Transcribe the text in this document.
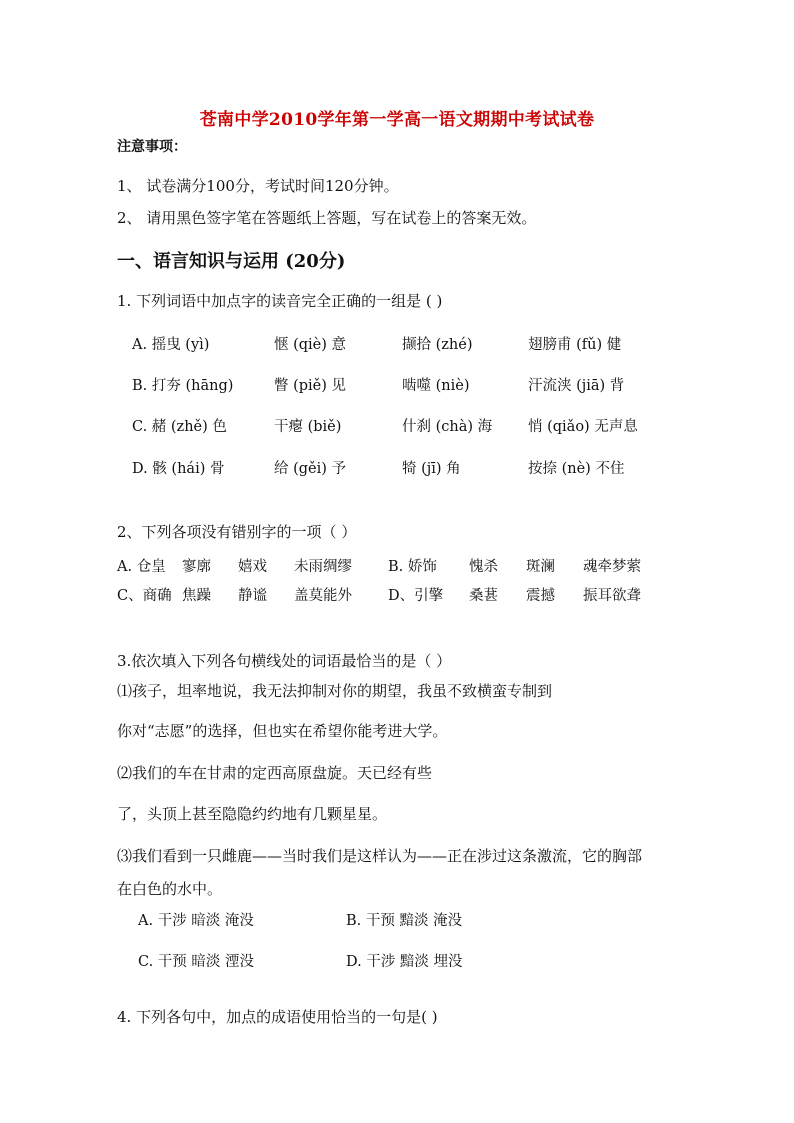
苍南中学2010学年第一学高一语文期期中考试试卷
注意事项：
1、 试卷满分100分，考试时间120分钟。
2、 请用黑色签字笔在答题纸上答题，写在试卷上的答案无效。
一、语言知识与运用 (20分)
1. 下列词语中加点字的读音完全正确的一组是 ( )
A. 摇曳 (yì)	惬 (qiè) 意	撷拾 (zhé)	翅膀甫 (fǔ) 健
B. 打夯 (hāng)	瞥 (piě) 见	啮噬 (niè)	汗流浃 (jiā) 背
C. 赭 (zhě) 色	干瘪 (biě)	什刹 (chà) 海	悄 (qiǎo) 无声息
D. 骸 (hái) 骨	给 (gěi) 予	犄 (jī) 角	按捺 (nè) 不住
2、下列各项没有错别字的一项（ ）
A. 仓皇	寥廓	嬉戏	未雨绸缪	B. 娇饰	愧杀	斑澜	魂牵梦萦
C、商确 焦躁	静谧	盖莫能外	D、引擎	桑葚	震撼	振耳欲聋
3.依次填入下列各句横线处的词语最恰当的是（ ）
⑴孩子，坦率地说，我无法抑制对你的期望，我虽不致横蛮专制到
你对“志愿”的选择，但也实在希望你能考进大学。
⑵我们的车在甘肃的定西高原盘旋。天已经有些
了，头顶上甚至隐隐约约地有几颗星星。
⑶我们看到一只雌鹿——当时我们是这样认为——正在涉过这条激流，它的胸部
在白色的水中。
A. 干涉 暗淡 淹没	B. 干预 黯淡 淹没
C. 干预 暗淡 湮没	D. 干涉 黯淡 埋没
4. 下列各句中，加点的成语使用恰当的一句是( )
